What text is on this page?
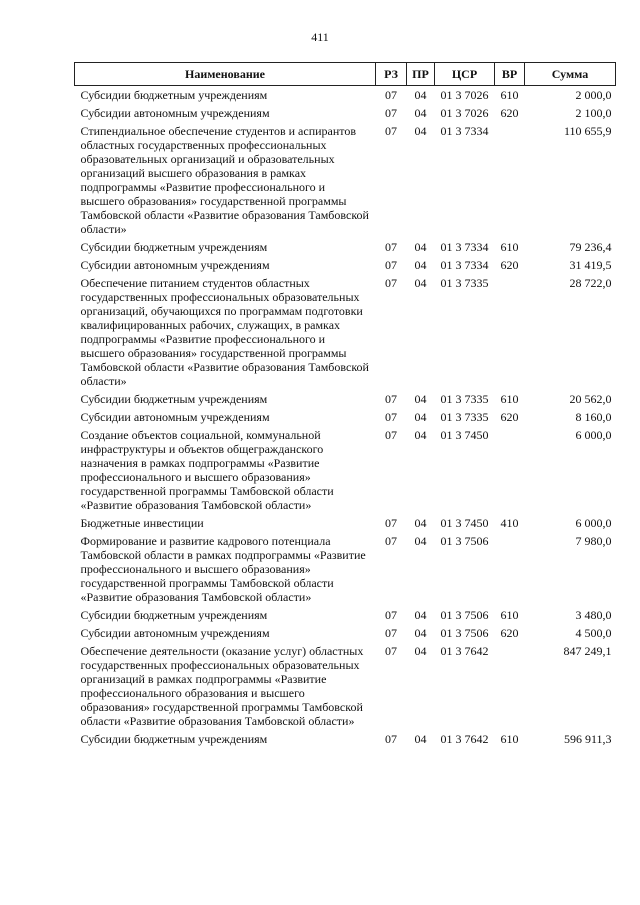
411
Наименование	РЗ	ПР	ЦСР	ВР	Сумма
Субсидии бюджетным учреждениям	07	04	01 3 7026	610	2 000,0
Субсидии автономным учреждениям	07	04	01 3 7026	620	2 100,0
Стипендиальное обеспечение студентов и аспирантов областных государственных профессиональных образовательных организаций и образовательных организаций высшего образования в рамках подпрограммы «Развитие профессионального и высшего образования» государственной программы Тамбовской области «Развитие образования Тамбовской области»	07	04	01 3 7334		110 655,9
Субсидии бюджетным учреждениям	07	04	01 3 7334	610	79 236,4
Субсидии автономным учреждениям	07	04	01 3 7334	620	31 419,5
Обеспечение питанием студентов областных государственных профессиональных образовательных организаций, обучающихся по программам подготовки квалифицированных рабочих, служащих, в рамках подпрограммы «Развитие профессионального и высшего образования» государственной программы Тамбовской области «Развитие образования Тамбовской области»	07	04	01 3 7335		28 722,0
Субсидии бюджетным учреждениям	07	04	01 3 7335	610	20 562,0
Субсидии автономным учреждениям	07	04	01 3 7335	620	8 160,0
Создание объектов социальной, коммунальной инфраструктуры и объектов общегражданского назначения в рамках подпрограммы «Развитие профессионального и высшего образования» государственной программы Тамбовской области «Развитие образования Тамбовской области»	07	04	01 3 7450		6 000,0
Бюджетные инвестиции	07	04	01 3 7450	410	6 000,0
Формирование и развитие кадрового потенциала Тамбовской области в рамках подпрограммы «Развитие профессионального и высшего образования» государственной программы Тамбовской области «Развитие образования Тамбовской области»	07	04	01 3 7506		7 980,0
Субсидии бюджетным учреждениям	07	04	01 3 7506	610	3 480,0
Субсидии автономным учреждениям	07	04	01 3 7506	620	4 500,0
Обеспечение деятельности (оказание услуг) областных государственных профессиональных образовательных организаций в рамках подпрограммы «Развитие профессионального образования и высшего образования» государственной программы Тамбовской области «Развитие образования Тамбовской области»	07	04	01 3 7642		847 249,1
Субсидии бюджетным учреждениям	07	04	01 3 7642	610	596 911,3
